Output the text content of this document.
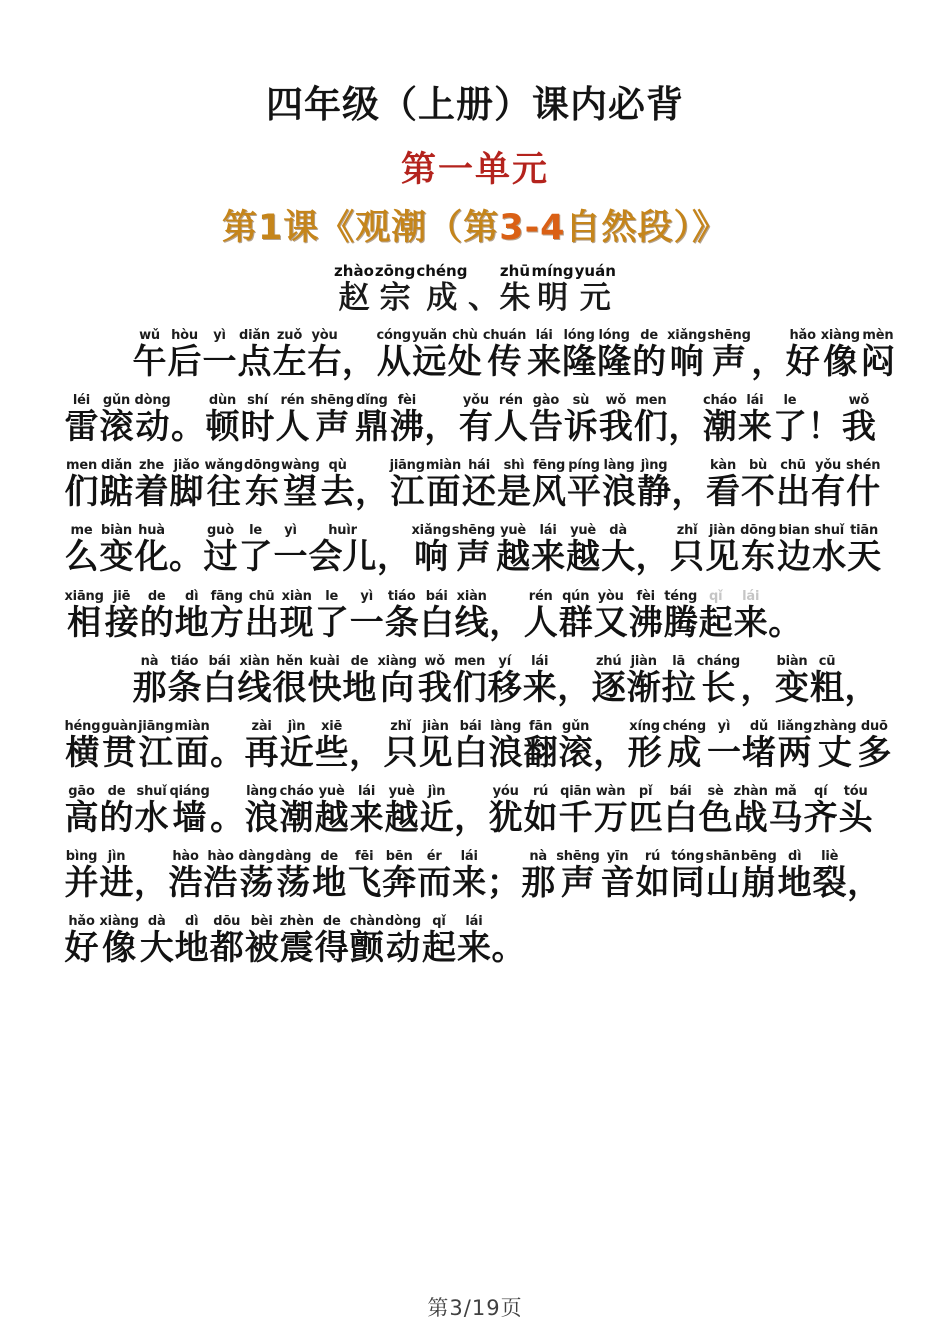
四年级（上册）课内必背
第一单元
第1课《观潮（第3-4自然段）》
赵zhào宗zōng成chéng、朱zhū明míng元yuán
午wǔ后hòu一yì点diǎn左zuǒ右yòu，从cóng远yuǎn处chù传chuán来lái隆lóng隆lóng的de响xiǎng声shēng，好hǎo像xiàng闷mèn
雷léi滚gǔn动dòng。顿dùn时shí人rén声shēng鼎dǐng沸fèi，有yǒu人rén告gào诉sù我wǒ们men，潮cháo来lái了le！我wǒ
们men踮diǎn着zhe脚jiǎo往wǎng东dōng望wàng去qù，江jiāng面miàn还hái是shì风fēng平píng浪làng静jìng，看kàn不bù出chū有yǒu什shén
么me变biàn化huà。过guò了le一yì会儿huìr，响xiǎng声shēng越yuè来lái越yuè大dà，只zhǐ见jiàn东dōng边bian水shuǐ天tiān
相xiāng接jiē的de地dì方fāng出chū现xiàn了le一yì条tiáo白bái线xiàn，人rén群qún又yòu沸fèi腾téng起qǐ来lái。
那nà条tiáo白bái线xiàn很hěn快kuài地de向xiàng我wǒ们men移yí来lái，逐zhú渐jiàn拉lā长cháng，变biàn粗cū，
横héng贯guàn江jiāng面miàn。再zài近jìn些xiē，只zhǐ见jiàn白bái浪làng翻fān滚gǔn，形xíng成chéng一yì堵dǔ两liǎng丈zhàng多duō
高gāo的de水shuǐ墙qiáng。浪làng潮cháo越yuè来lái越yuè近jìn，犹yóu如rú千qiān万wàn匹pǐ白bái色sè战zhàn马mǎ齐qí头tóu
并bìng进jìn，浩hào浩hào荡dàng荡dàng地de飞fēi奔bēn而ér来lái；那nà声shēng音yīn如rú同tóng山shān崩bēng地dì裂liè，
好hǎo像xiàng大dà地dì都dōu被bèi震zhèn得de颤chàn动dòng起qǐ来lái。
第3/19页
